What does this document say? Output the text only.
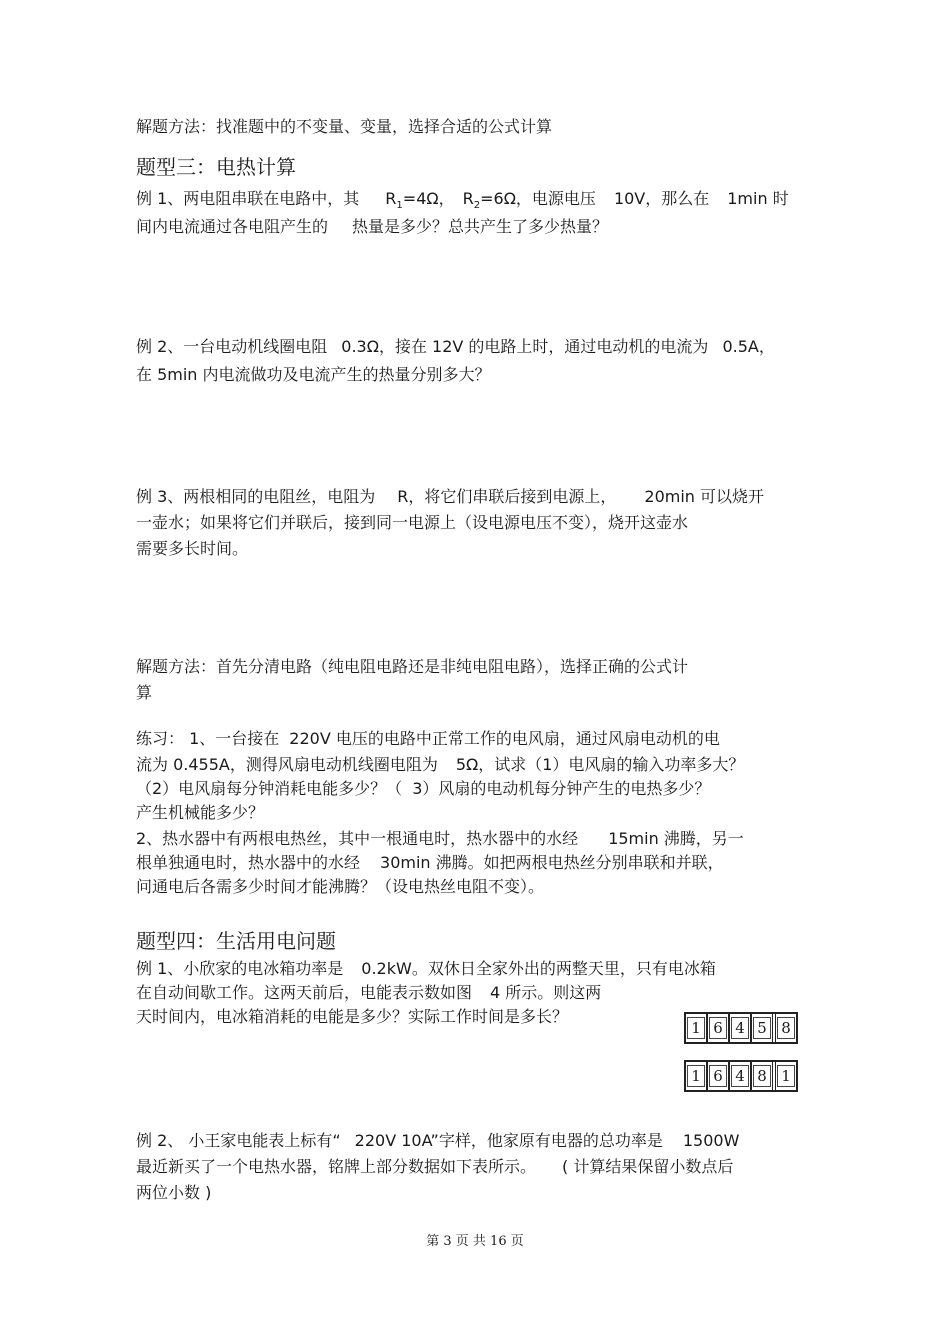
解题方法：找准题中的不变量、变量，选择合适的公式计算
题型三：电热计算
例 1、两电阻串联在电路中，其 $R_1=4\Omega$， $R_2=6\Omega$，电源电压 10V，那么在 1min 时
间内电流通过各电阻产生的 热量是多少？总共产生了多少热量？
例 2、一台电动机线圈电阻 0.3Ω，接在 12V 的电路上时，通过电动机的电流为 0.5A，
在 5min 内电流做功及电流产生的热量分别多大？
例 3、两根相同的电阻丝，电阻为 R，将它们串联后接到电源上， 20min 可以烧开
一壶水；如果将它们并联后，接到同一电源上（设电源电压不变），烧开这壶水
需要多长时间。
解题方法：首先分清电路（纯电阻电路还是非纯电阻电路），选择正确的公式计
算
练习： 1、一台接在 220V 电压的电路中正常工作的电风扇，通过风扇电动机的电
流为 0.455A，测得风扇电动机线圈电阻为 5Ω，试求（1）电风扇的输入功率多大？
（2）电风扇每分钟消耗电能多少？（ 3）风扇的电动机每分钟产生的电热多少？
产生机械能多少？
2、热水器中有两根电热丝，其中一根通电时，热水器中的水经 15min 沸腾，另一
根单独通电时，热水器中的水经 30min 沸腾。如把两根电热丝分别串联和并联，
问通电后各需多少时间才能沸腾？（设电热丝电阻不变）。
题型四：生活用电问题
例 1、小欣家的电冰箱功率是 0.2kW。双休日全家外出的两整天里，只有电冰箱
在自动间歇工作。这两天前后，电能表示数如图 4 所示。则这两
天时间内，电冰箱消耗的电能是多少？实际工作时间是多长？
1 6 4 5 8
1 6 4 8 1
例 2、 小王家电能表上标有“ 220V 10A”字样，他家原有电器的总功率是 1500W
最近新买了一个电热水器，铭牌上部分数据如下表所示。 ( 计算结果保留小数点后
两位小数 )
第 3 页 共 16 页
